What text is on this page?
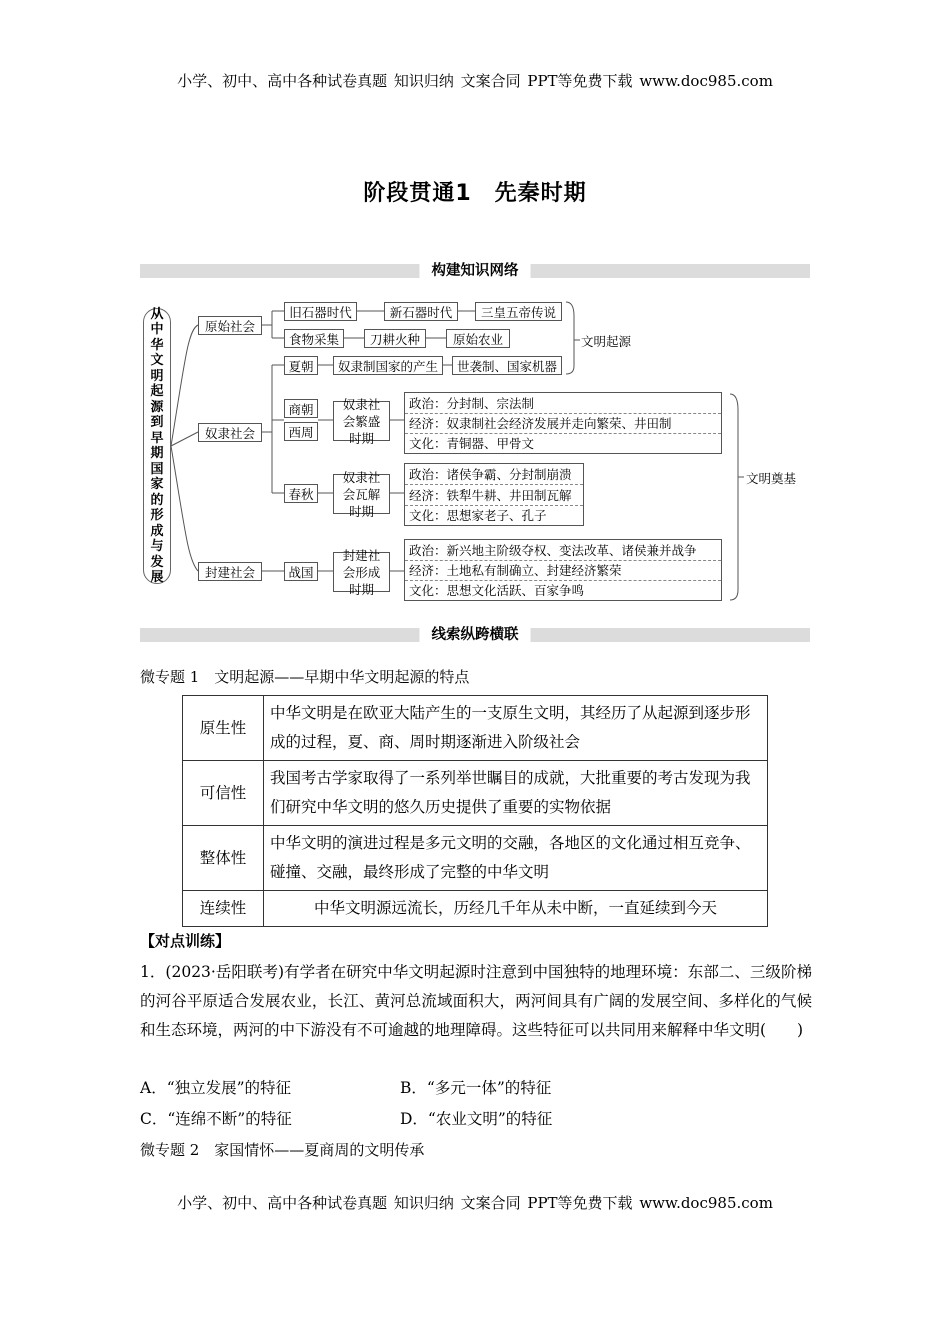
小学、初中、高中各种试卷真题 知识归纳 文案合同 PPT等免费下载 www.doc985.com
阶段贯通1　先秦时期
构建知识网络
从
中
华
文
明
起
源
到
早
期
国
家
的
形
成
与
发
展
原始社会
奴隶社会
封建社会
旧石器时代	新石器时代	三皇五帝传说
食物采集	刀耕火种	原始农业
夏朝	奴隶制国家的产生	世袭制、国家机器
文明起源
商朝
西周
奴隶社会繁盛时期
政治：分封制、宗法制
经济：奴隶制社会经济发展并走向繁荣、井田制
文化：青铜器、甲骨文
春秋
奴隶社会瓦解时期
政治：诸侯争霸、分封制崩溃
经济：铁犁牛耕、井田制瓦解
文化：思想家老子、孔子
战国
封建社会形成时期
政治：新兴地主阶级夺权、变法改革、诸侯兼并战争
经济：土地私有制确立、封建经济繁荣
文化：思想文化活跃、百家争鸣
文明奠基
线索纵跨横联
微专题 1　文明起源——早期中华文明起源的特点
原生性	中华文明是在欧亚大陆产生的一支原生文明，其经历了从起源到逐步形成的过程，夏、商、周时期逐渐进入阶级社会
可信性	我国考古学家取得了一系列举世瞩目的成就，大批重要的考古发现为我们研究中华文明的悠久历史提供了重要的实物依据
整体性	中华文明的演进过程是多元文明的交融，各地区的文化通过相互竞争、碰撞、交融，最终形成了完整的中华文明
连续性	中华文明源远流长，历经几千年从未中断，一直延续到今天
【对点训练】
1．(2023·岳阳联考)有学者在研究中华文明起源时注意到中国独特的地理环境：东部二、三级阶梯的河谷平原适合发展农业，长江、黄河总流域面积大，两河间具有广阔的发展空间、多样化的气候和生态环境，两河的中下游没有不可逾越的地理障碍。这些特征可以共同用来解释中华文明(　　)
A．“独立发展”的特征	B．“多元一体”的特征
C．“连绵不断”的特征	D．“农业文明”的特征
微专题 2　家国情怀——夏商周的文明传承
小学、初中、高中各种试卷真题 知识归纳 文案合同 PPT等免费下载 www.doc985.com
